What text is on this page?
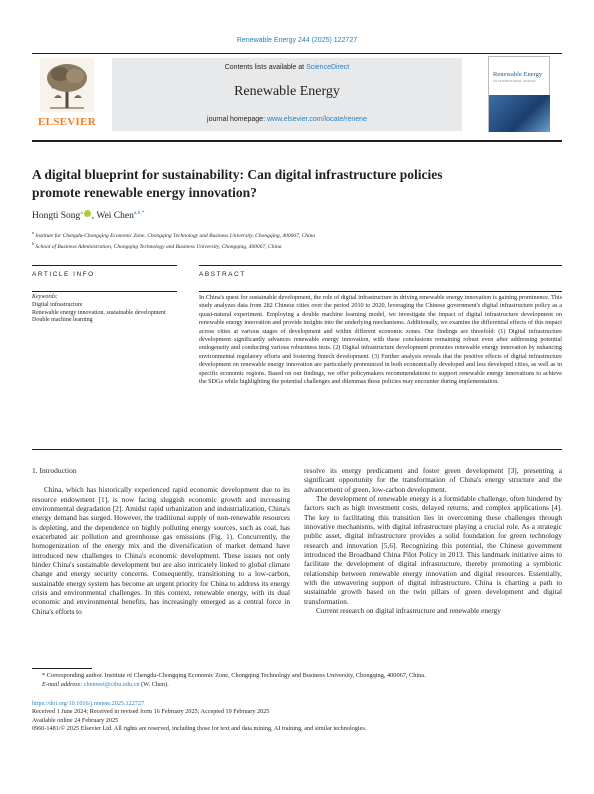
Renewable Energy 244 (2025) 122727
ELSEVIER
Contents lists available at ScienceDirect
Renewable Energy
journal homepage: www.elsevier.com/locate/renene
Renewable Energy
AN INTERNATIONAL JOURNAL
A digital blueprint for sustainability: Can digital infrastructure policies promote renewable energy innovation?
Hongti Song$^a$ , Wei Chen$^{a,b,*}$
$^a$ Institute for Chengdu-Chongqing Economic Zone, Chongqing Technology and Business University, Chongqing, 400067, China
$^b$ School of Business Administration, Chongqing Technology and Business University, Chongqing, 400067, China
ARTICLE INFO	ABSTRACT
Keywords:
Digital infrastructure
Renewable energy innovation. sustainable development
Double machine learning
In China's quest for sustainable development, the role of digital infrastructure in driving renewable energy innovation is gaining prominence. This study analyzes data from 282 Chinese cities over the period 2010 to 2020, leveraging the Chinese government's digital infrastructure policy as a quasi-natural experiment. Employing a double machine learning model, we investigate the impact of digital infrastructure development on renewable energy innovation and provide insights into the underlying mechanisms. Additionally, we examine the differential effects of this impact across cities at various stages of development and within different economic zones. Our findings are threefold: (1) Digital infrastructure development significantly advances renewable energy innovation, with these conclusions remaining robust even after addressing potential endogeneity and conducting various robustness tests. (2) Digital infrastructure development promotes renewable energy innovation by enhancing environmental regulatory efforts and fostering fintech development. (3) Further analysis reveals that the positive effects of digital infrastructure development on renewable energy innovation are particularly pronounced in both economically developed and less developed cities, as well as in specific economic regions. Based on our findings, we offer policymakers recommendations to support renewable energy innovations to achieve the SDGs while highlighting the potential challenges and dilemmas these policies may encounter during implementation.
1. Introduction

China, which has historically experienced rapid economic development due to its resource endowment [1], is now facing sluggish economic growth and increasing environmental degradation [2]. Amidst rapid urbanization and industrialization, China's energy demand has surged. However, the traditional supply of non-renewable resources is depleting, and the dependence on highly polluting energy sources, such as coal, has exacerbated air pollution and greenhouse gas emissions (Fig. 1). Concurrently, the homogenization of the energy mix and the diversification of market demand have introduced new challenges to China's economic development. These issues not only hinder China's sustainable development but are also intricately linked to global climate change and energy security concerns. Consequently, transitioning to a low-carbon, sustainable energy system has become an urgent priority for China to address its energy crisis and environmental challenges. In this context, renewable energy, with its dual economic and environmental benefits, has increasingly emerged as a central force in China's efforts to

resolve its energy predicament and foster green development [3], presenting a significant opportunity for the transformation of China's energy structure and the advancement of green, low-carbon development.

The development of renewable energy is a formidable challenge, often hindered by factors such as high investment costs, delayed returns, and complex applications [4]. The key to facilitating this transition lies in overcoming these challenges through innovative mechanisms, with digital infrastructure playing a crucial role. As a strategic public asset, digital infrastructure provides a solid foundation for green technology research and innovation [5,6]. Recognizing this potential, the Chinese government introduced the Broadband China Pilot Policy in 2013. This landmark initiative aims to facilitate the development of digital infrastructure, thereby promoting a symbiotic relationship between renewable energy innovation and digital resources. Essentially, with the unwavering support of digital infrastructure, China is charting a path to sustainable growth based on the twin pillars of green development and digital transformation.

Current research on digital infrastructure and renewable energy

* Corresponding author. Institute of Chengdu-Chongqing Economic Zone, Chongqing Technology and Business University, Chongqing, 400067, China.
E-mail address: chenwei@ctbu.edu.cn (W. Chen).
https://doi.org/10.1016/j.renene.2025.122727
Received 1 June 2024; Received in revised form 16 February 2025; Accepted 19 February 2025
Available online 24 February 2025
0960-1481/© 2025 Elsevier Ltd. All rights are reserved, including those for text and data mining, AI training, and similar technologies.
